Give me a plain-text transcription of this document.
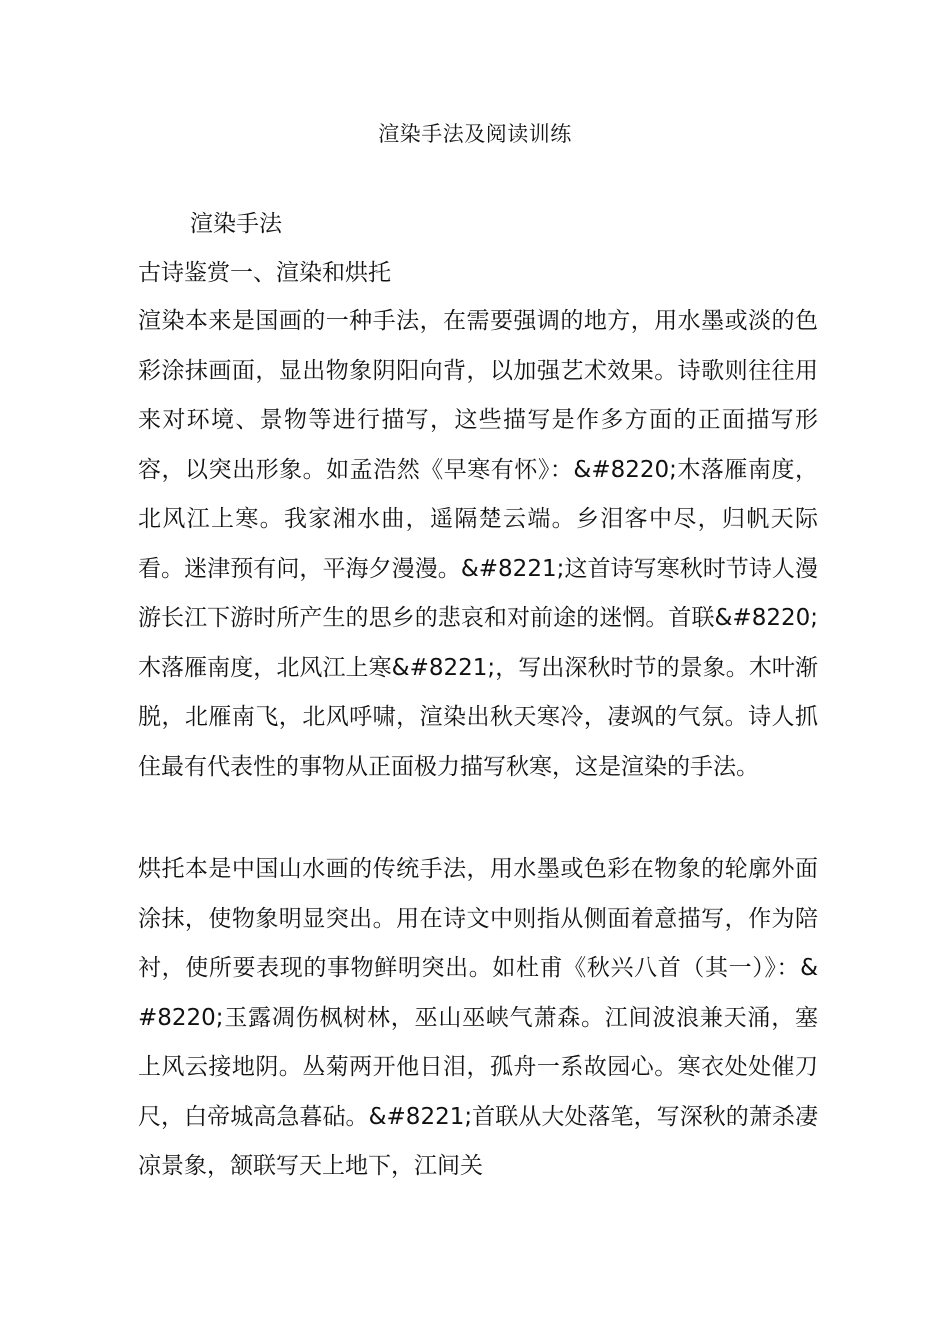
渲染手法及阅读训练
渲染手法
古诗鉴赏一、渲染和烘托
渲染本来是国画的一种手法，在需要强调的地方，用水墨或淡的色彩涂抹画面，显出物象阴阳向背，以加强艺术效果。诗歌则往往用来对环境、景物等进行描写，这些描写是作多方面的正面描写形容，以突出形象。如孟浩然《早寒有怀》：&#8220;木落雁南度，北风江上寒。我家湘水曲，遥隔楚云端。乡泪客中尽，归帆天际看。迷津预有问，平海夕漫漫。&#8221;这首诗写寒秋时节诗人漫游长江下游时所产生的思乡的悲哀和对前途的迷惘。首联&#8220;木落雁南度，北风江上寒&#8221;，写出深秋时节的景象。木叶渐脱，北雁南飞，北风呼啸，渲染出秋天寒冷，凄飒的气氛。诗人抓住最有代表性的事物从正面极力描写秋寒，这是渲染的手法。
烘托本是中国山水画的传统手法，用水墨或色彩在物象的轮廓外面涂抹，使物象明显突出。用在诗文中则指从侧面着意描写，作为陪衬，使所要表现的事物鲜明突出。如杜甫《秋兴八首（其一）》：&#8220;玉露凋伤枫树林，巫山巫峡气萧森。江间波浪兼天涌，塞上风云接地阴。丛菊两开他日泪，孤舟一系故园心。寒衣处处催刀尺，白帝城高急暮砧。&#8221;首联从大处落笔，写深秋的萧杀凄凉景象，颔联写天上地下，江间关
